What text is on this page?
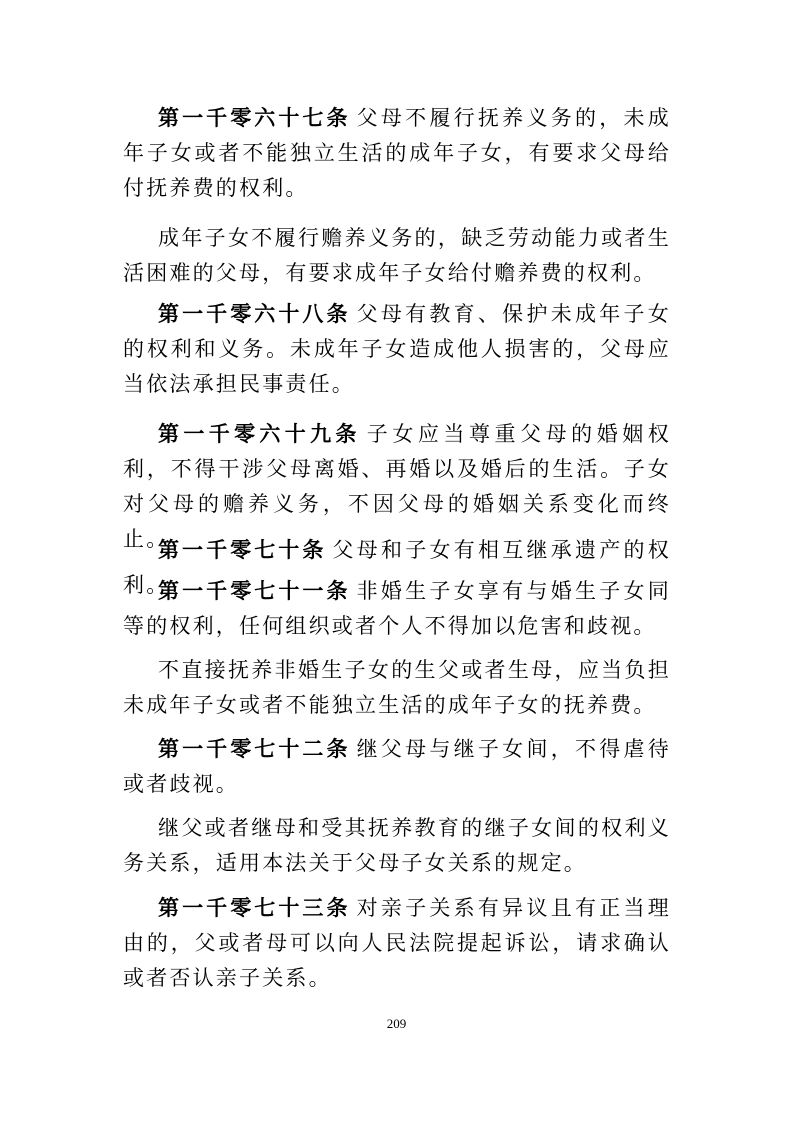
第一千零六十七条 父母不履行抚养义务的，未成年子女或者不能独立生活的成年子女，有要求父母给付抚养费的权利。

成年子女不履行赡养义务的，缺乏劳动能力或者生活困难的父母，有要求成年子女给付赡养费的权利。

第一千零六十八条 父母有教育、保护未成年子女的权利和义务。未成年子女造成他人损害的，父母应当依法承担民事责任。

第一千零六十九条 子女应当尊重父母的婚姻权利，不得干涉父母离婚、再婚以及婚后的生活。子女对父母的赡养义务，不因父母的婚姻关系变化而终止。

第一千零七十条 父母和子女有相互继承遗产的权利。

第一千零七十一条 非婚生子女享有与婚生子女同等的权利，任何组织或者个人不得加以危害和歧视。

不直接抚养非婚生子女的生父或者生母，应当负担未成年子女或者不能独立生活的成年子女的抚养费。

第一千零七十二条 继父母与继子女间，不得虐待或者歧视。

继父或者继母和受其抚养教育的继子女间的权利义务关系，适用本法关于父母子女关系的规定。

第一千零七十三条 对亲子关系有异议且有正当理由的，父或者母可以向人民法院提起诉讼，请求确认或者否认亲子关系。

209
